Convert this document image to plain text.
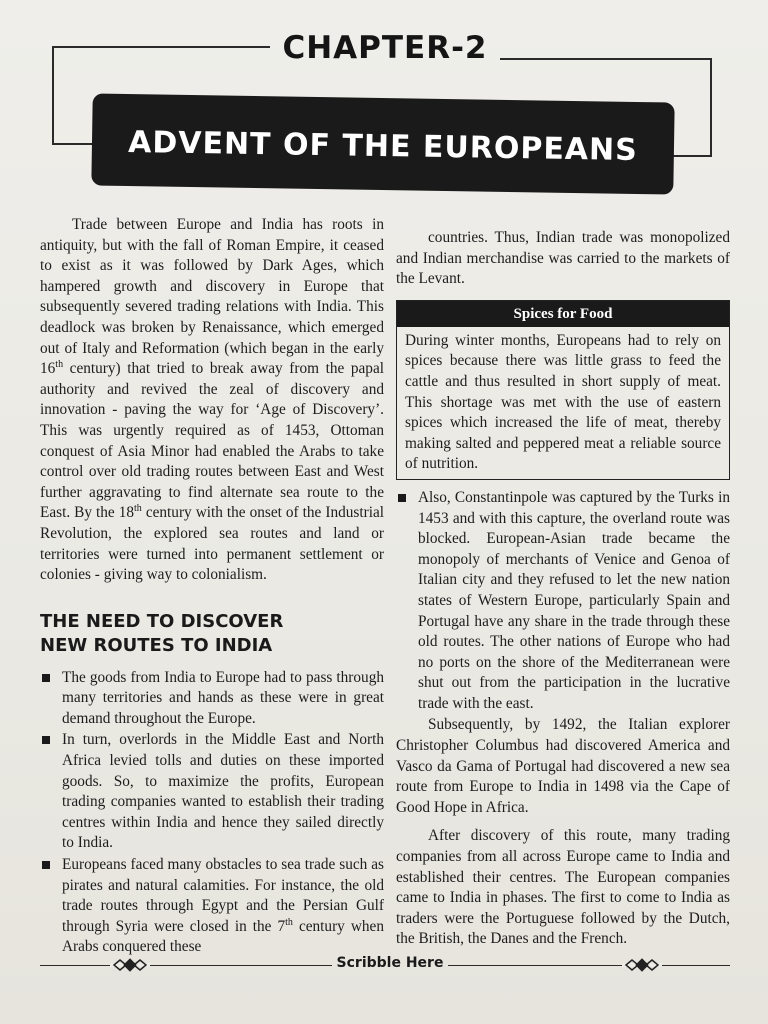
CHAPTER-2
ADVENT OF THE EUROPEANS

Trade between Europe and India has roots in antiquity, but with the fall of Roman Empire, it ceased to exist as it was followed by Dark Ages, which hampered growth and discovery in Europe that subsequently severed trading relations with India. This deadlock was broken by Renaissance, which emerged out of Italy and Reformation (which began in the early 16th century) that tried to break away from the papal authority and revived the zeal of discovery and innovation - paving the way for ‘Age of Discovery’. This was urgently required as of 1453, Ottoman conquest of Asia Minor had enabled the Arabs to take control over old trading routes between East and West further aggravating to find alternate sea route to the East. By the 18th century with the onset of the Industrial Revolution, the explored sea routes and land or territories were turned into permanent settlement or colonies - giving way to colonialism.

THE NEED TO DISCOVER
NEW ROUTES TO INDIA
The goods from India to Europe had to pass through many territories and hands as these were in great demand throughout the Europe.
In turn, overlords in the Middle East and North Africa levied tolls and duties on these imported goods. So, to maximize the profits, European trading companies wanted to establish their trading centres within India and hence they sailed directly to India.
Europeans faced many obstacles to sea trade such as pirates and natural calamities. For instance, the old trade routes through Egypt and the Persian Gulf through Syria were closed in the 7th century when Arabs conquered these

countries. Thus, Indian trade was monopolized and Indian merchandise was carried to the markets of the Levant.

Spices for Food
During winter months, Europeans had to rely on spices because there was little grass to feed the cattle and thus resulted in short supply of meat. This shortage was met with the use of eastern spices which increased the life of meat, thereby making salted and peppered meat a reliable source of nutrition.
Also, Constantinpole was captured by the Turks in 1453 and with this capture, the overland route was blocked. European-Asian trade became the monopoly of merchants of Venice and Genoa of Italian city and they refused to let the new nation states of Western Europe, particularly Spain and Portugal have any share in the trade through these old routes. The other nations of Europe who had no ports on the shore of the Mediterranean were shut out from the participation in the lucrative trade with the east.

Subsequently, by 1492, the Italian explorer Christopher Columbus had discovered America and Vasco da Gama of Portugal had discovered a new sea route from Europe to India in 1498 via the Cape of Good Hope in Africa.

After discovery of this route, many trading companies from all across Europe came to India and established their centres. The European companies came to India in phases. The first to come to India as traders were the Portuguese followed by the Dutch, the British, the Danes and the French.

Scribble Here
